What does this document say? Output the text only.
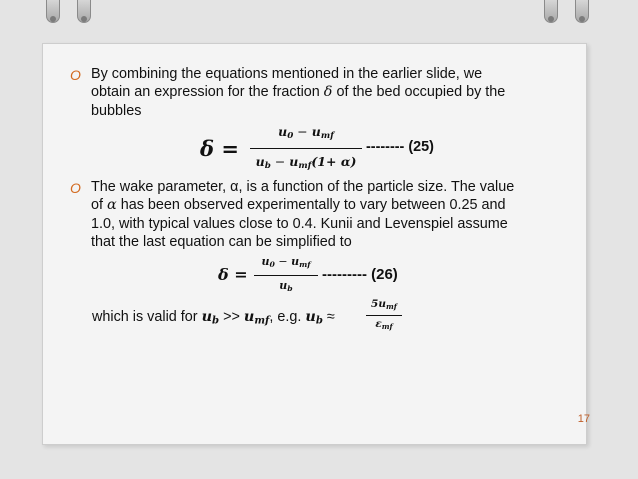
O By combining the equations mentioned in the earlier slide, we
obtain an expression for the fraction δ of the bed occupied by the
bubbles
δ =
$u_0 - u_{mf}$
$u_b - u_{mf}(1+ \alpha)$
-------- (25)
O The wake parameter, α, is a function of the particle size. The value
of α has been observed experimentally to vary between 0.25 and
1.0, with typical values close to 0.4. Kunii and Levenspiel assume
that the last equation can be simplified to
δ =
$u_0 - u_{mf}$
$u_b$
--------- (26)
which is valid for $u_b >> u_{mf}$, e.g. $u_b$ ≈
$5u_{mf}$
$\varepsilon_{mf}$
17
